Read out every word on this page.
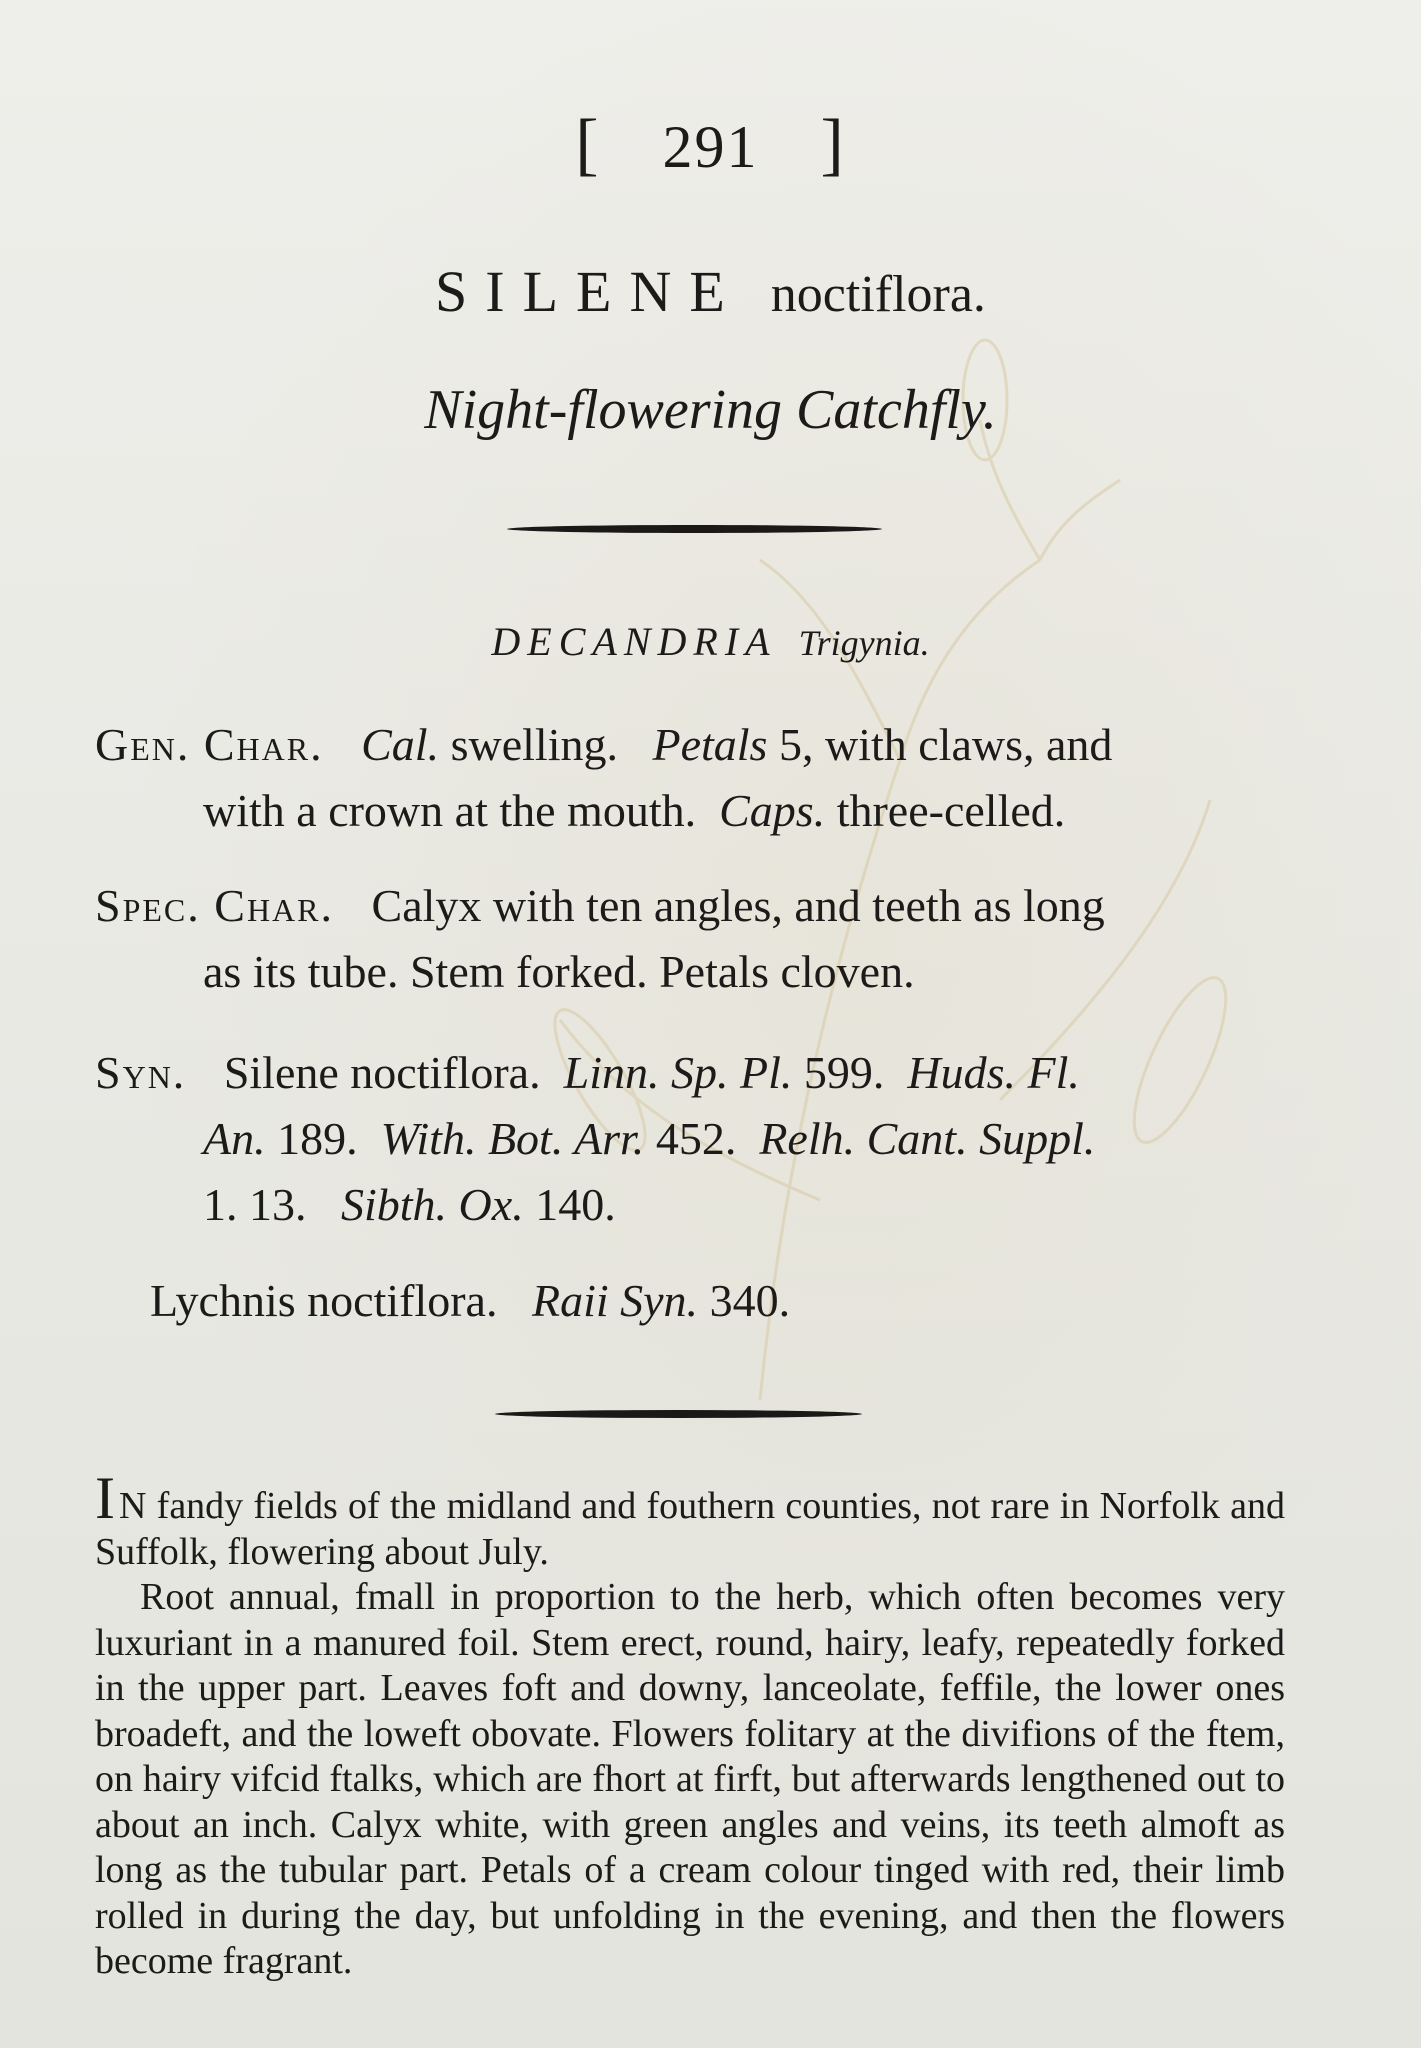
[ 291 ]
SILENE noctiflora.
Night-flowering Catchfly.
DECANDRIA Trigynia.
Gen. Char. Cal. swelling. Petals 5, with claws, and
with a crown at the mouth. Caps. three-celled.
Spec. Char. Calyx with ten angles, and teeth as long
as its tube. Stem forked. Petals cloven.
Syn. Silene noctiflora. Linn. Sp. Pl. 599. Huds. Fl.
An. 189. With. Bot. Arr. 452. Relh. Cant. Suppl.
1. 13. Sibth. Ox. 140.
Lychnis noctiflora. Raii Syn. 340.

I N fandy fields of the midland and fouthern counties, not rare in Norfolk and Suffolk, flowering about July.

Root annual, fmall in proportion to the herb, which often becomes very luxuriant in a manured foil. Stem erect, round, hairy, leafy, repeatedly forked in the upper part. Leaves foft and downy, lanceolate, feffile, the lower ones broadeft, and the loweft obovate. Flowers folitary at the divifions of the ftem, on hairy vifcid ftalks, which are fhort at firft, but afterwards lengthened out to about an inch. Calyx white, with green angles and veins, its teeth almoft as long as the tubular part. Petals of a cream colour tinged with red, their limb rolled in during the day, but unfolding in the evening, and then the flowers become fragrant.
